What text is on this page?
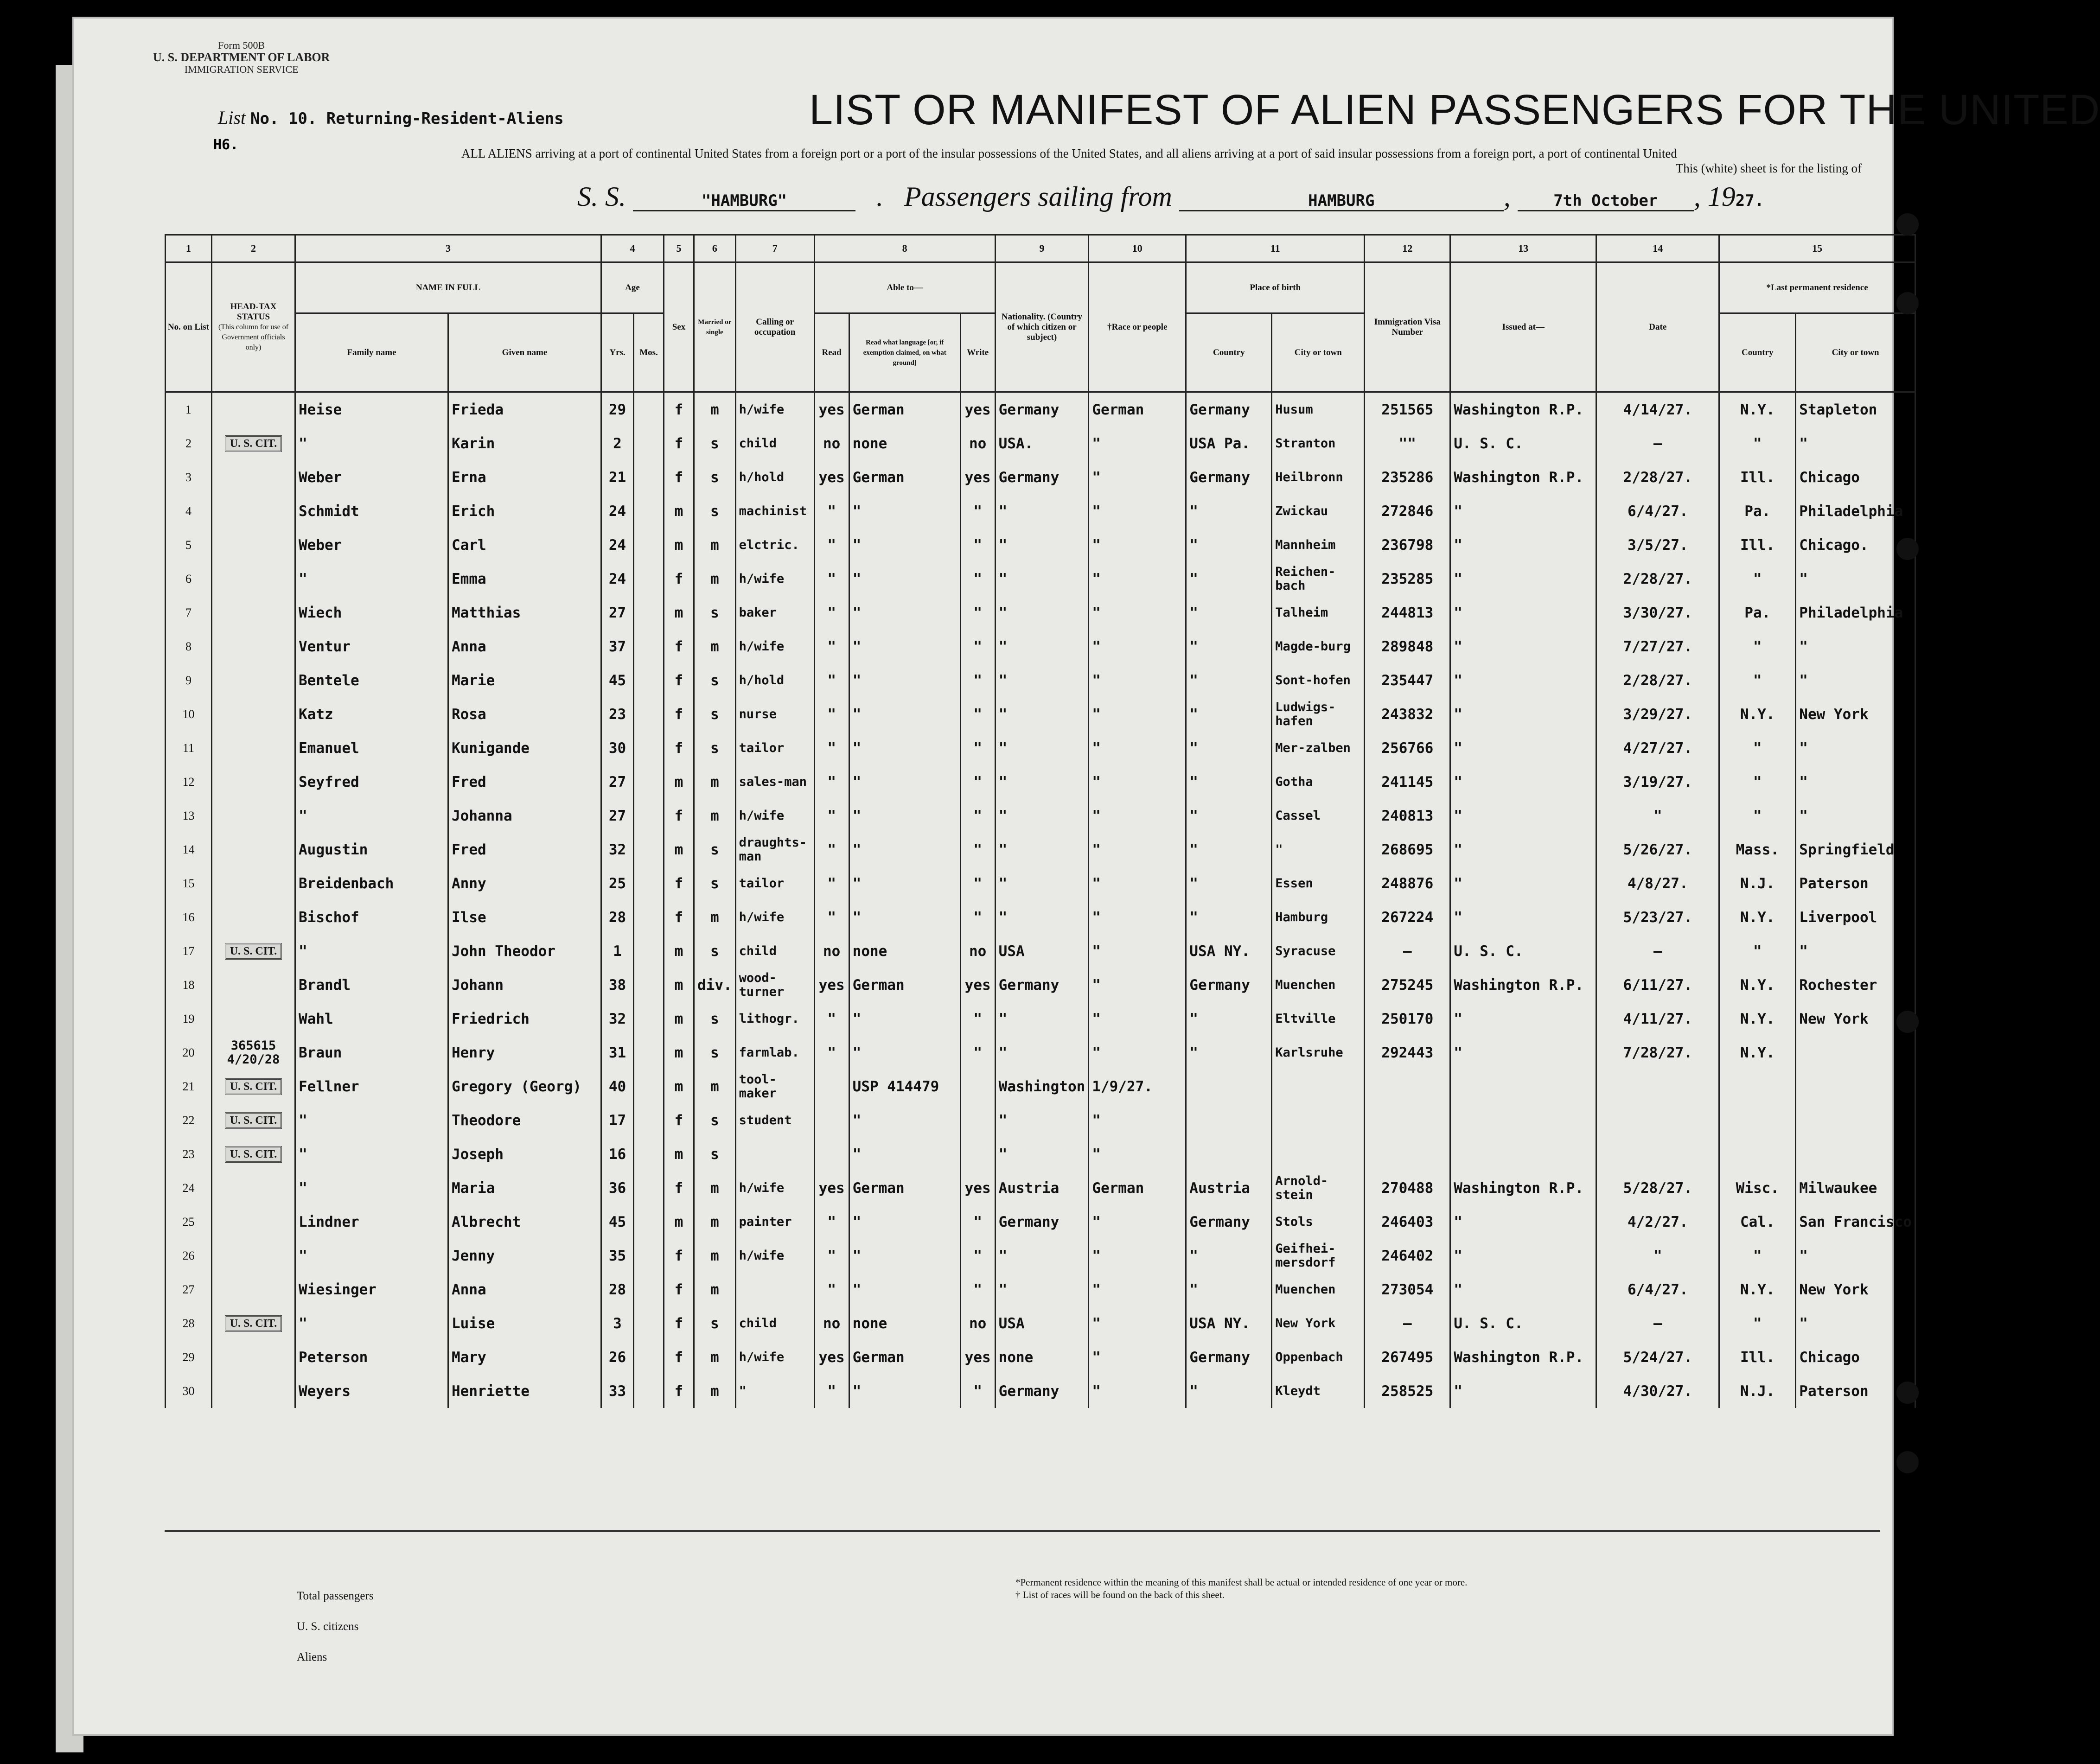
Form 500B
U. S. DEPARTMENT OF LABOR
IMMIGRATION SERVICE
List No. 10. Returning-Resident-Aliens
H6.
LIST OR MANIFEST OF ALIEN PASSENGERS FOR THE UNITED
ALL ALIENS arriving at a port of continental United States from a foreign port or a port of the insular possessions of the United States, and all aliens arriving at a port of said insular possessions from a foreign port, a port of continental United
This (white) sheet is for the listing of
S. S.	"HAMBURG"	. Passengers sailing from	HAMBURG	, 7th October , 1927.
1	2	3		4		5	6	7	8			9	10	11		12	13	14	15	
No. on List	HEAD-TAX STATUS
(This column for use of Government officials only)	NAME IN FULL		Age		Sex	Married or single	Calling or occupation	Able to—			Nationality. (Country of which citizen or subject)	†Race or people	Place of birth		Immigration Visa Number	Issued at—	Date	*Last permanent residence	
		Family name	Given name	Yrs.	Mos.				Read	Read what language [or, if exemption claimed, on what ground]	Write			Country	City or town				Country	City or town
1		Heise	Frieda	29		f	m	h/wife	yes	German	yes	Germany	German	Germany	Husum	251565	Washington R.P.	4/14/27.	N.Y.	Stapleton
2	U. S. CIT.	"	Karin	2		f	s	child	no	none	no	USA.	"	USA Pa.	Stranton	""	U. S. C.	—	"	"
3		Weber	Erna	21		f	s	h/hold	yes	German	yes	Germany	"	Germany	Heilbronn	235286	Washington R.P.	2/28/27.	Ill.	Chicago
4		Schmidt	Erich	24		m	s	machinist	"	"	"	"	"	"	Zwickau	272846	"	6/4/27.	Pa.	Philadelphia
5		Weber	Carl	24		m	m	elctric.	"	"	"	"	"	"	Mannheim	236798	"	3/5/27.	Ill.	Chicago.
6		"	Emma	24		f	m	h/wife	"	"	"	"	"	"	Reichen-bach	235285	"	2/28/27.	"	"
7		Wiech	Matthias	27		m	s	baker	"	"	"	"	"	"	Talheim	244813	"	3/30/27.	Pa.	Philadelphia
8		Ventur	Anna	37		f	m	h/wife	"	"	"	"	"	"	Magde-burg	289848	"	7/27/27.	"	"
9		Bentele	Marie	45		f	s	h/hold	"	"	"	"	"	"	Sont-hofen	235447	"	2/28/27.	"	"
10		Katz	Rosa	23		f	s	nurse	"	"	"	"	"	"	Ludwigs-hafen	243832	"	3/29/27.	N.Y.	New York
11		Emanuel	Kunigande	30		f	s	tailor	"	"	"	"	"	"	Mer-zalben	256766	"	4/27/27.	"	"
12		Seyfred	Fred	27		m	m	sales-man	"	"	"	"	"	"	Gotha	241145	"	3/19/27.	"	"
13		"	Johanna	27		f	m	h/wife	"	"	"	"	"	"	Cassel	240813	"	"	"	"
14		Augustin	Fred	32		m	s	draughts-man	"	"	"	"	"	"	"	268695	"	5/26/27.	Mass.	Springfield
15		Breidenbach	Anny	25		f	s	tailor	"	"	"	"	"	"	Essen	248876	"	4/8/27.	N.J.	Paterson
16		Bischof	Ilse	28		f	m	h/wife	"	"	"	"	"	"	Hamburg	267224	"	5/23/27.	N.Y.	Liverpool
17	U. S. CIT.	"	John Theodor	1		m	s	child	no	none	no	USA	"	USA NY.	Syracuse	—	U. S. C.	—	"	"
18		Brandl	Johann	38		m	div.	wood-turner	yes	German	yes	Germany	"	Germany	Muenchen	275245	Washington R.P.	6/11/27.	N.Y.	Rochester
19		Wahl	Friedrich	32		m	s	lithogr.	"	"	"	"	"	"	Eltville	250170	"	4/11/27.	N.Y.	New York
20	365615 4/20/28	Braun	Henry	31		m	s	farmlab.	"	"	"	"	"	"	Karlsruhe	292443	"	7/28/27.	N.Y.	
21	U. S. CIT.	Fellner	Gregory (Georg)	40		m	m	tool-maker		USP 414479		Washington	1/9/27.							
22	U. S. CIT.	"	Theodore	17		f	s	student		"		"	"							
23	U. S. CIT.	"	Joseph	16		m	s			"		"	"							
24		"	Maria	36		f	m	h/wife	yes	German	yes	Austria	German	Austria	Arnold-stein	270488	Washington R.P.	5/28/27.	Wisc.	Milwaukee
25		Lindner	Albrecht	45		m	m	painter	"	"	"	Germany	"	Germany	Stols	246403	"	4/2/27.	Cal.	San Francisco
26		"	Jenny	35		f	m	h/wife	"	"	"	"	"	"	Geifhei-mersdorf	246402	"	"	"	"
27		Wiesinger	Anna	28		f	m		"	"	"	"	"	"	Muenchen	273054	"	6/4/27.	N.Y.	New York
28	U. S. CIT.	"	Luise	3		f	s	child	no	none	no	USA	"	USA NY.	New York	—	U. S. C.	—	"	"
29		Peterson	Mary	26		f	m	h/wife	yes	German	yes	none	"	Germany	Oppenbach	267495	Washington R.P.	5/24/27.	Ill.	Chicago
30		Weyers	Henriette	33		f	m	"	"	"	"	Germany	"	"	Kleydt	258525	"	4/30/27.	N.J.	Paterson
Total passengers
U. S. citizens
Aliens
*Permanent residence within the meaning of this manifest shall be actual or intended residence of one year or more.
† List of races will be found on the back of this sheet.
